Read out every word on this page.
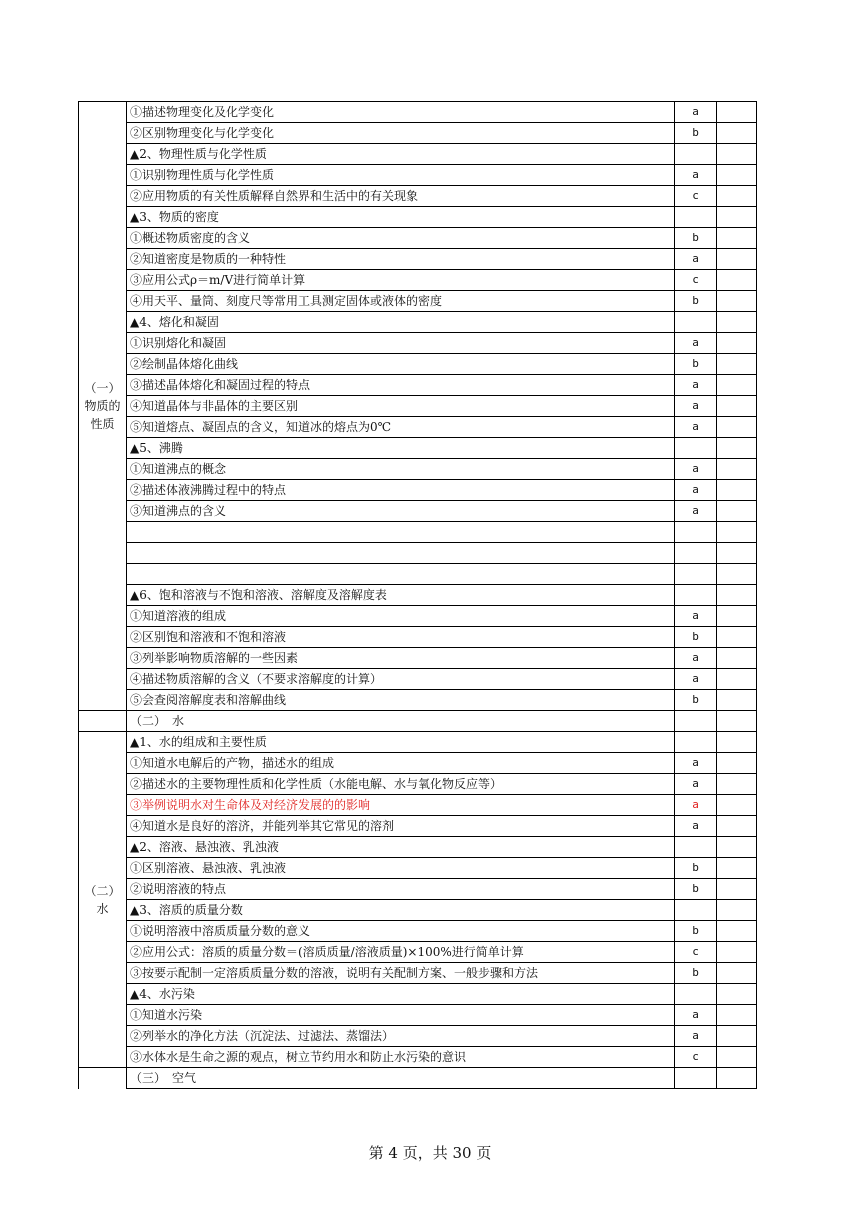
（一）
物质的
性质	①描述物理变化及化学变化	a	
	②区别物理变化与化学变化	b	
	▲2、物理性质与化学性质		
	①识别物理性质与化学性质	a	
	②应用物质的有关性质解释自然界和生活中的有关现象	c	
	▲3、物质的密度		
	①概述物质密度的含义	b	
	②知道密度是物质的一种特性	a	
	③应用公式ρ＝m/V进行简单计算	c	
	④用天平、量筒、刻度尺等常用工具测定固体或液体的密度	b	
	▲4、熔化和凝固		
	①识别熔化和凝固	a	
	②绘制晶体熔化曲线	b	
	③描述晶体熔化和凝固过程的特点	a	
	④知道晶体与非晶体的主要区别	a	
	⑤知道熔点、凝固点的含义，知道冰的熔点为0℃	a	
	▲5、沸腾		
	①知道沸点的概念	a	
	②描述体液沸腾过程中的特点	a	
	③知道沸点的含义	a	

	▲6、饱和溶液与不饱和溶液、溶解度及溶解度表		
	①知道溶液的组成	a	
	②区别饱和溶液和不饱和溶液	b	
	③列举影响物质溶解的一些因素	a	
	④描述物质溶解的含义（不要求溶解度的计算）	a	
	⑤会查阅溶解度表和溶解曲线	b	
	（二）　水		
（二）
水	▲1、水的组成和主要性质		
	①知道水电解后的产物，描述水的组成	a	
	②描述水的主要物理性质和化学性质（水能电解、水与氧化物反应等）	a	
	③举例说明水对生命体及对经济发展的的影响	a	
	④知道水是良好的溶济，并能列举其它常见的溶剂	a	
	▲2、溶液、悬浊液、乳浊液		
	①区别溶液、悬浊液、乳浊液	b	
	②说明溶液的特点	b	
	▲3、溶质的质量分数		
	①说明溶液中溶质质量分数的意义	b	
	②应用公式：溶质的质量分数＝(溶质质量/溶液质量)×100%进行简单计算	c	
	③按要示配制一定溶质质量分数的溶液，说明有关配制方案、一般步骤和方法	b	
	▲4、水污染		
	①知道水污染	a	
	②列举水的净化方法（沉淀法、过滤法、蒸馏法）	a	
	③水体水是生命之源的观点，树立节约用水和防止水污染的意识	c	
	（三）　空气		
第 4 页，共 30 页
